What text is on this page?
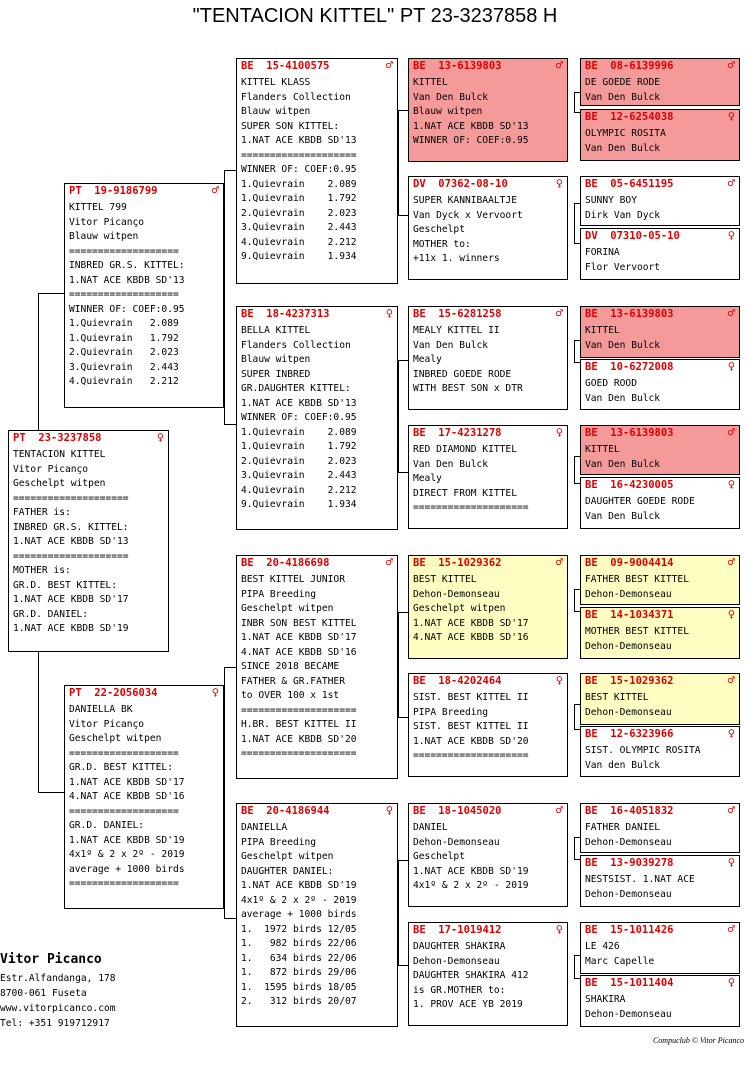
"TENTACION KITTEL" PT 23-3237858 H
BE  15-4100575	♂
KITTEL KLASS
Flanders Collection
Blauw witpen
SUPER SON KITTEL:
1.NAT ACE KBDB SD'13
====================
WINNER OF: COEF:0.95
1.Quievrain    2.089
1.Quievrain    1.792
2.Quievrain    2.023
3.Quievrain    2.443
4.Quievrain    2.212
9.Quievrain    1.934
PT  19-9186799	♂
KITTEL 799
Vitor Picanço
Blauw witpen
===================
INBRED GR.S. KITTEL:
1.NAT ACE KBDB SD'13
===================
WINNER OF: COEF:0.95
1.Quievrain   2.089
1.Quievrain   1.792
2.Quievrain   2.023
3.Quievrain   2.443
4.Quievrain   2.212
BE  18-4237313	♀
BELLA KITTEL
Flanders Collection
Blauw witpen
SUPER INBRED
GR.DAUGHTER KITTEL:
1.NAT ACE KBDB SD'13
WINNER OF: COEF:0.95
1.Quievrain    2.089
1.Quievrain    1.792
2.Quievrain    2.023
3.Quievrain    2.443
4.Quievrain    2.212
9.Quievrain    1.934
PT  23-3237858	♀
TENTACION KITTEL
Vitor Picanço
Geschelpt witpen
====================
FATHER is:
INBRED GR.S. KITTEL:
1.NAT ACE KBDB SD'13
====================
MOTHER is:
GR.D. BEST KITTEL:
1.NAT ACE KBDB SD'17
GR.D. DANIEL:
1.NAT ACE KBDB SD'19
PT  22-2056034	♀
DANIELLA BK
Vitor Picanço
Geschelpt witpen
===================
GR.D. BEST KITTEL:
1.NAT ACE KBDB SD'17
4.NAT ACE KBDB SD'16
===================
GR.D. DANIEL:
1.NAT ACE KBDB SD'19
4x1º & 2 x 2º - 2019
average + 1000 birds
===================
BE  20-4186698	♂
BEST KITTEL JUNIOR
PIPA Breeding
Geschelpt witpen
INBR SON BEST KITTEL
1.NAT ACE KBDB SD'17
4.NAT ACE KBDB SD'16
SINCE 2018 BECAME
FATHER & GR.FATHER
to OVER 100 x 1st
====================
H.BR. BEST KITTEL II
1.NAT ACE KBDB SD'20
====================
BE  20-4186944	♀
DANIELLA
PIPA Breeding
Geschelpt witpen
DAUGHTER DANIEL:
1.NAT ACE KBDB SD'19
4x1º & 2 x 2º - 2019
average + 1000 birds
1.  1972 birds 12/05
1.   982 birds 22/06
1.   634 birds 22/06
1.   872 birds 29/06
1.  1595 birds 18/05
2.   312 birds 20/07
BE  13-6139803	♂
KITTEL
Van Den Bulck
Blauw witpen
1.NAT ACE KBDB SD'13
WINNER OF: COEF:0.95
DV  07362-08-10	♀
SUPER KANNIBAALTJE
Van Dyck x Vervoort
Geschelpt
MOTHER to:
+11x 1. winners
BE  15-6281258	♂
MEALY KITTEL II
Van Den Bulck
Mealy
INBRED GOEDE RODE
WITH BEST SON x DTR
BE  17-4231278	♀
RED DIAMOND KITTEL
Van Den Bulck
Mealy
DIRECT FROM KITTEL
====================
BE  15-1029362	♂
BEST KITTEL
Dehon-Demonseau
Geschelpt witpen
1.NAT ACE KBDB SD'17
4.NAT ACE KBDB SD'16
BE  18-4202464	♀
SIST. BEST KITTEL II
PIPA Breeding
SIST. BEST KITTEL II
1.NAT ACE KBDB SD'20
====================
BE  18-1045020	♂
DANIEL
Dehon-Demonseau
Geschelpt
1.NAT ACE KBDB SD'19
4x1º & 2 x 2º - 2019
BE  17-1019412	♀
DAUGHTER SHAKIRA
Dehon-Demonseau
DAUGHTER SHAKIRA 412
is GR.MOTHER to:
1. PROV ACE YB 2019
BE  08-6139996	♂
DE GOEDE RODE
Van Den Bulck
BE  12-6254038	♀
OLYMPIC ROSITA
Van Den Bulck
BE  05-6451195	♂
SUNNY BOY
Dirk Van Dyck
DV  07310-05-10	♀
FORINA
Flor Vervoort
BE  13-6139803	♂
KITTEL
Van Den Bulck
BE  10-6272008	♀
GOED ROOD
Van Den Bulck
BE  13-6139803	♂
KITTEL
Van Den Bulck
BE  16-4230005	♀
DAUGHTER GOEDE RODE
Van Den Bulck
BE  09-9004414	♂
FATHER BEST KITTEL
Dehon-Demonseau
BE  14-1034371	♀
MOTHER BEST KITTEL
Dehon-Demonseau
BE  15-1029362	♂
BEST KITTEL
Dehon-Demonseau
BE  12-6323966	♀
SIST. OLYMPIC ROSITA
Van den Bulck
BE  16-4051832	♂
FATHER DANIEL
Dehon-Demonseau
BE  13-9039278	♀
NESTSIST. 1.NAT ACE
Dehon-Demonseau
BE  15-1011426	♂
LE 426
Marc Capelle
BE  15-1011404	♀
SHAKIRA
Dehon-Demonseau
Vitor Picanco
Estr.Alfandanga, 178
8700-061 Fuseta
www.vitorpicanco.com
Tel: +351 919712917
Compuclub © Vitor Picanco
